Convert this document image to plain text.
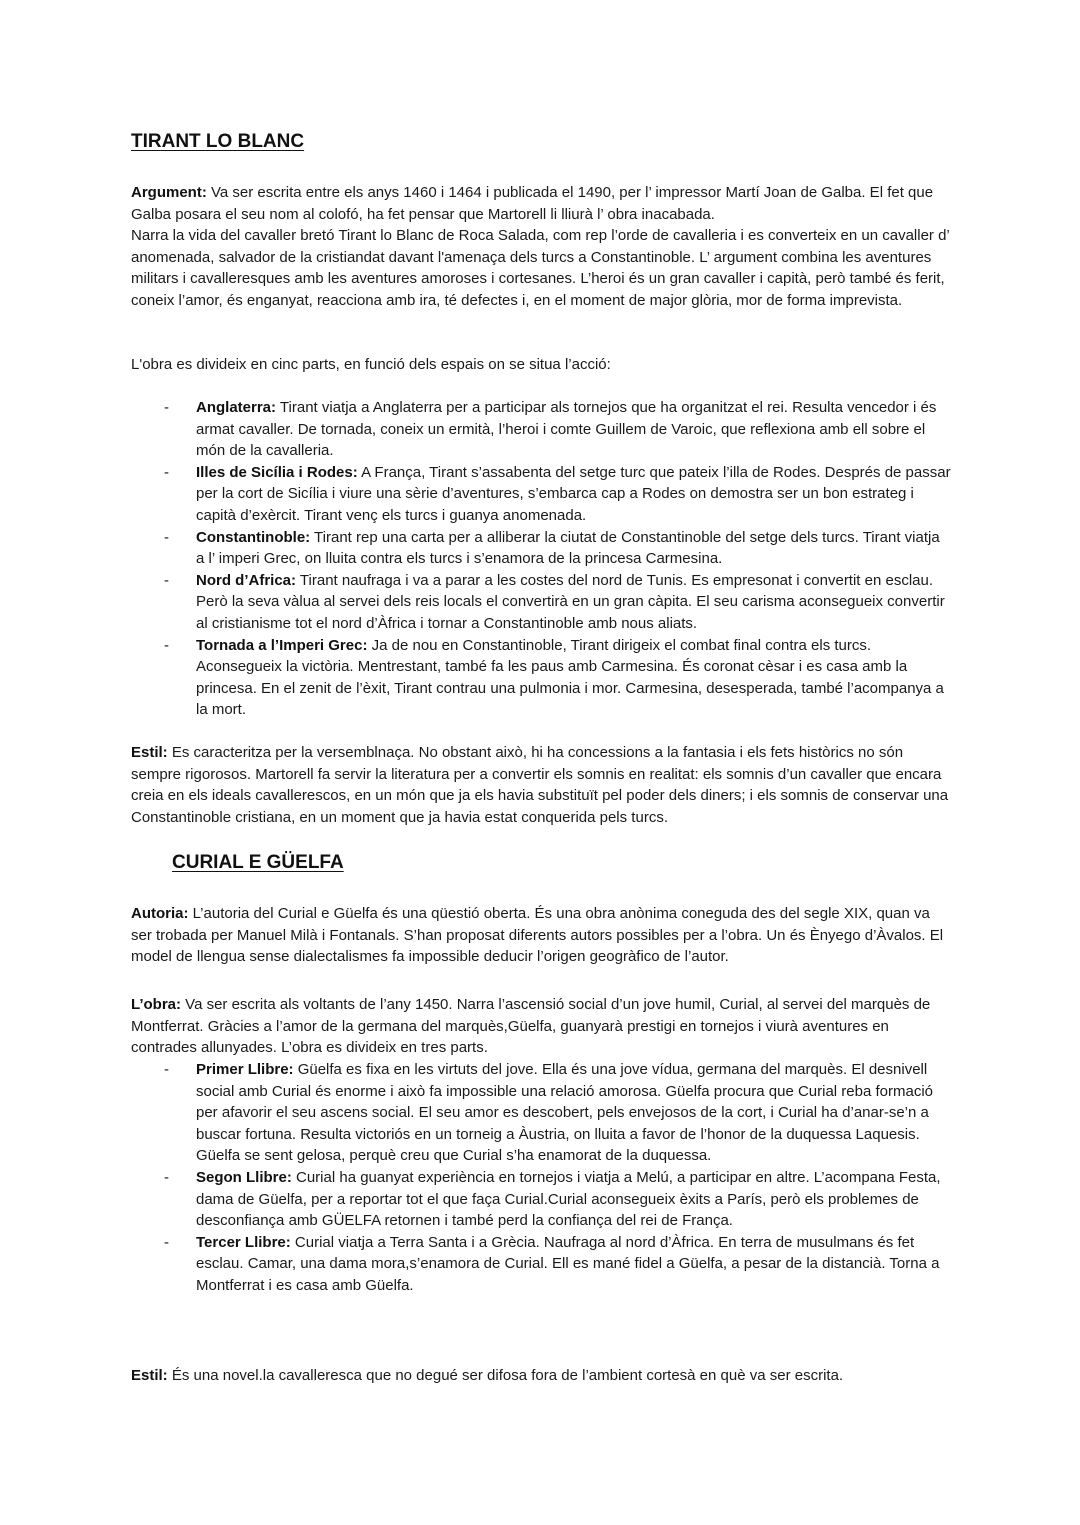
TIRANT LO BLANC

Argument: Va ser escrita entre els anys 1460 i 1464 i publicada el 1490, per l’ impressor Martí Joan de Galba. El fet que Galba posara el seu nom al colofó, ha fet pensar que Martorell li lliurà l’ obra inacabada.

Narra la vida del cavaller bretó Tirant lo Blanc de Roca Salada, com rep l’orde de cavalleria i es converteix en un cavaller d’ anomenada, salvador de la cristiandat davant l'amenaça dels turcs a Constantinoble. L’ argument combina les aventures militars i cavalleresques amb les aventures amoroses i cortesanes. L’heroi és un gran cavaller i capità, però també és ferit, coneix l’amor, és enganyat, reacciona amb ira, té defectes i, en el moment de major glòria, mor de forma imprevista.

L'obra es divideix en cinc parts, en funció dels espais on se situa l’acció:

- Anglaterra: Tirant viatja a Anglaterra per a participar als tornejos que ha organitzat el rei. Resulta vencedor i és armat cavaller. De tornada, coneix un ermità, l’heroi i comte Guillem de Varoic, que reflexiona amb ell sobre el món de la cavalleria.
- Illes de Sicília i Rodes: A França, Tirant s’assabenta del setge turc que pateix l’illa de Rodes. Després de passar per la cort de Sicília i viure una sèrie d’aventures, s’embarca cap a Rodes on demostra ser un bon estrateg i capità d’exèrcit. Tirant venç els turcs i guanya anomenada.
- Constantinoble: Tirant rep una carta per a alliberar la ciutat de Constantinoble del setge dels turcs. Tirant viatja a l’ imperi Grec, on lluita contra els turcs i s’enamora de la princesa Carmesina.
- Nord d’Africa: Tirant naufraga i va a parar a les costes del nord de Tunis. Es empresonat i convertit en esclau. Però la seva vàlua al servei dels reis locals el convertirà en un gran càpita. El seu carisma aconsegueix convertir al cristianisme tot el nord d’Àfrica i tornar a Constantinoble amb nous aliats.
- Tornada a l’Imperi Grec: Ja de nou en Constantinoble, Tirant dirigeix el combat final contra els turcs. Aconsegueix la victòria. Mentrestant, també fa les paus amb Carmesina. És coronat cèsar i es casa amb la princesa. En el zenit de l’èxit, Tirant contrau una pulmonia i mor. Carmesina, desesperada, també l’acompanya a la mort.

Estil: Es caracteritza per la versemblnaça. No obstant això, hi ha concessions a la fantasia i els fets històrics no són sempre rigorosos. Martorell fa servir la literatura per a convertir els somnis en realitat: els somnis d’un cavaller que encara creia en els ideals cavallerescos, en un món que ja els havia substituït pel poder dels diners; i els somnis de conservar una Constantinoble cristiana, en un moment que ja havia estat conquerida pels turcs.

CURIAL E GÜELFA

Autoria: L’autoria del Curial e Güelfa és una qüestió oberta. És una obra anònima coneguda des del segle XIX, quan va ser trobada per Manuel Milà i Fontanals. S’han proposat diferents autors possibles per a l’obra. Un és Ènyego d’Àvalos. El model de llengua sense dialectalismes fa impossible deducir l’origen geogràfico de l’autor.

L’obra: Va ser escrita als voltants de l’any 1450. Narra l’ascensió social d’un jove humil, Curial, al servei del marquès de Montferrat. Gràcies a l’amor de la germana del marquès,Güelfa, guanyarà prestigi en tornejos i viurà aventures en contrades allunyades. L’obra es divideix en tres parts.

- Primer Llibre: Güelfa es fixa en les virtuts del jove. Ella és una jove vídua, germana del marquès. El desnivell social amb Curial és enorme i això fa impossible una relació amorosa. Güelfa procura que Curial reba formació per afavorir el seu ascens social. El seu amor es descobert, pels envejosos de la cort, i Curial ha d’anar-se’n a buscar fortuna. Resulta victoriós en un torneig a Àustria, on lluita a favor de l’honor de la duquessa Laquesis. Güelfa se sent gelosa, perquè creu que Curial s’ha enamorat de la duquessa.
- Segon Llibre: Curial ha guanyat experiència en tornejos i viatja a Melú, a participar en altre. L’acompana Festa, dama de Güelfa, per a reportar tot el que faça Curial.Curial aconsegueix èxits a París, però els problemes de desconfiança amb GÜELFA retornen i també perd la confiança del rei de França.
- Tercer Llibre: Curial viatja a Terra Santa i a Grècia. Naufraga al nord d’Àfrica. En terra de musulmans és fet esclau. Camar, una dama mora,s’enamora de Curial. Ell es mané fidel a Güelfa, a pesar de la distancià. Torna a Montferrat i es casa amb Güelfa.

Estil: És una novel.la cavalleresca que no degué ser difosa fora de l’ambient cortesà en què va ser escrita.
